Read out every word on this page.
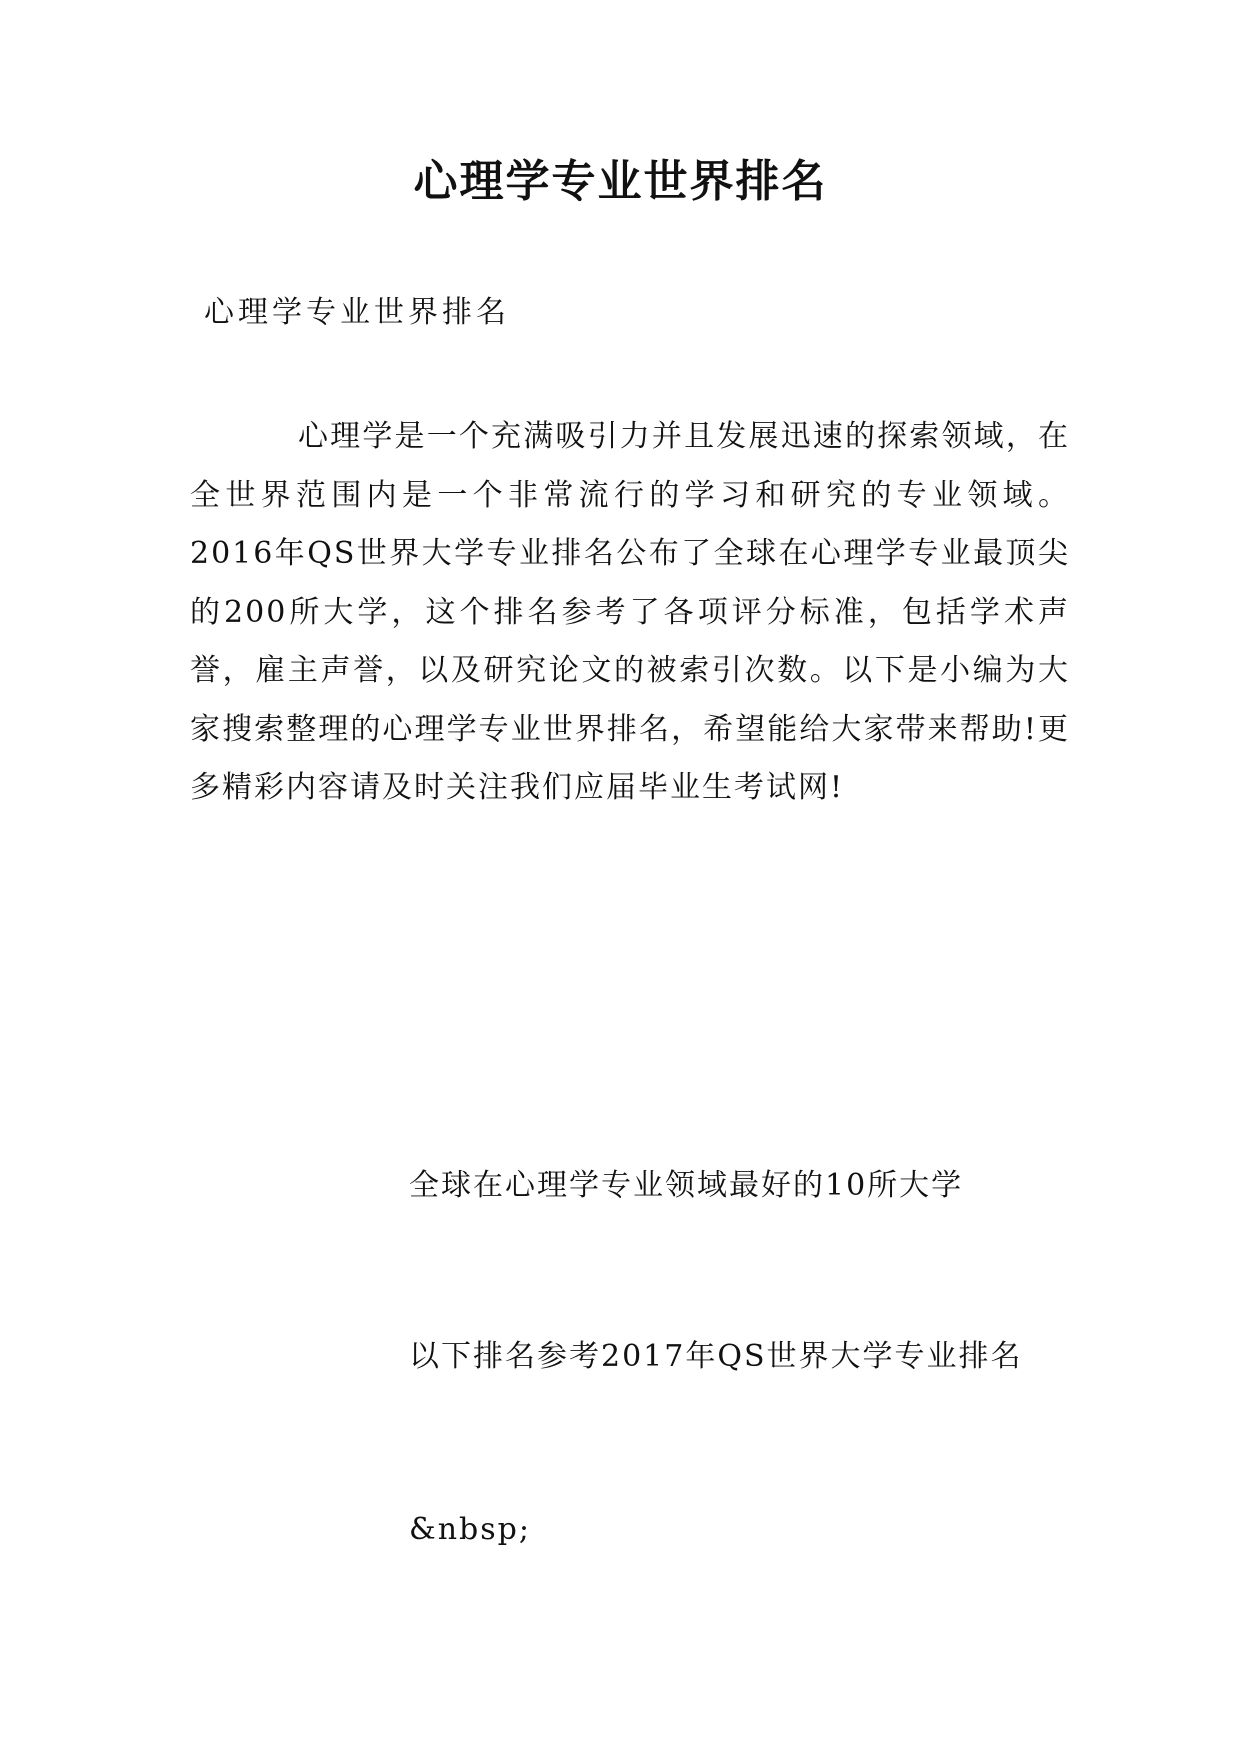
心理学专业世界排名

心理学专业世界排名

心理学是一个充满吸引力并且发展迅速的探索领域，在全世界范围内是一个非常流行的学习和研究的专业领域。2016年QS世界大学专业排名公布了全球在心理学专业最顶尖的200所大学，这个排名参考了各项评分标准，包括学术声誉，雇主声誉，以及研究论文的被索引次数。以下是小编为大家搜索整理的心理学专业世界排名，希望能给大家带来帮助!更多精彩内容请及时关注我们应届毕业生考试网!

全球在心理学专业领域最好的10所大学

以下排名参考2017年QS世界大学专业排名

&nbsp;
